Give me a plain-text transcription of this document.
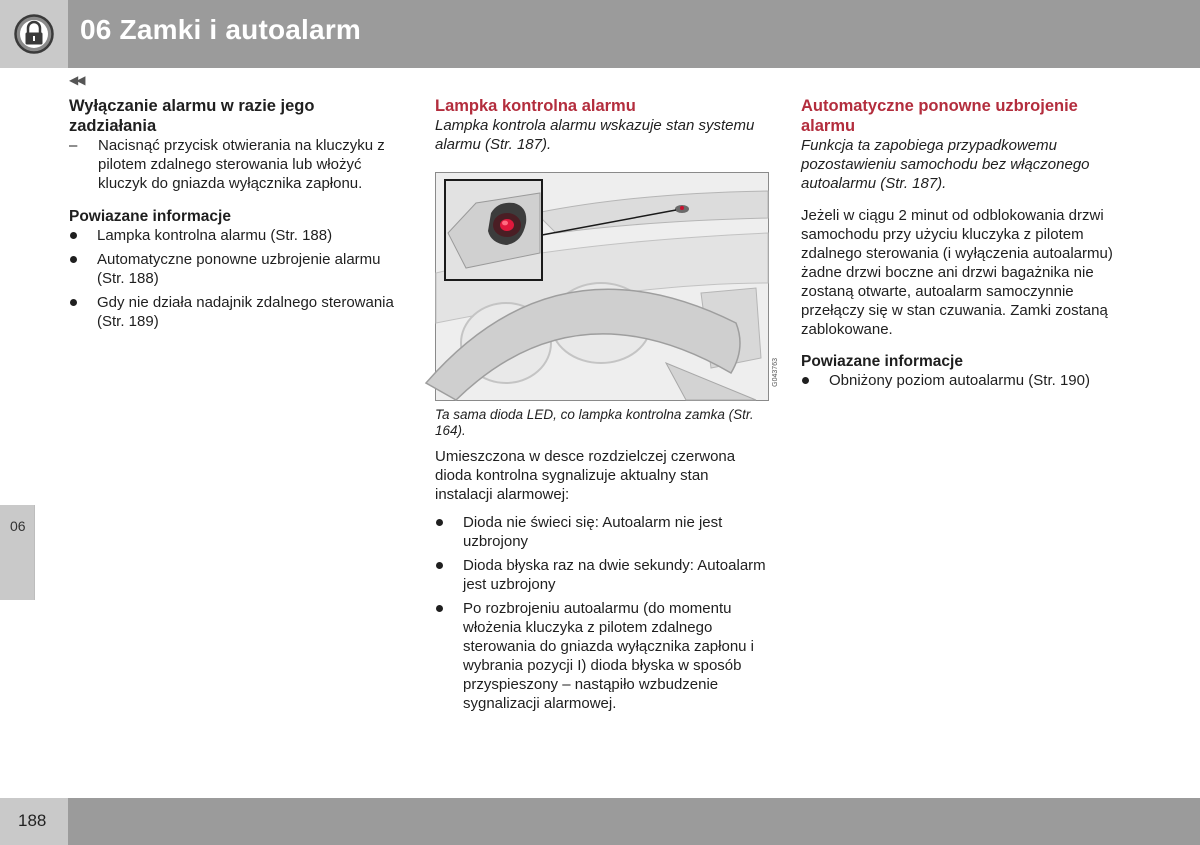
06 Zamki i autoalarm
◀◀
06
Wyłączanie alarmu w razie jego zadziałania
– Nacisnąć przycisk otwierania na kluczyku z pilotem zdalnego sterowania lub włożyć kluczyk do gniazda wyłącznika zapłonu.
Powiazane informacje
Lampka kontrolna alarmu (Str. 188)
Automatyczne ponowne uzbrojenie alarmu (Str. 188)
Gdy nie działa nadajnik zdalnego sterowania (Str. 189)
Lampka kontrolna alarmu

Lampka kontrola alarmu wskazuje stan systemu alarmu (Str. 187).

G043763

Ta sama dioda LED, co lampka kontrolna zamka (Str. 164).

Umieszczona w desce rozdzielczej czerwona dioda kontrolna sygnalizuje aktualny stan instalacji alarmowej:

Dioda nie świeci się: Autoalarm nie jest uzbrojony
Dioda błyska raz na dwie sekundy: Autoalarm jest uzbrojony
Po rozbrojeniu autoalarmu (do momentu włożenia kluczyka z pilotem zdalnego sterowania do gniazda wyłącznika zapłonu i wybrania pozycji I) dioda błyska w sposób przyspieszony – nastąpiło wzbudzenie sygnalizacji alarmowej.
Automatyczne ponowne uzbrojenie alarmu

Funkcja ta zapobiega przypadkowemu pozostawieniu samochodu bez włączonego autoalarmu (Str. 187).

Jeżeli w ciągu 2 minut od odblokowania drzwi samochodu przy użyciu kluczyka z pilotem zdalnego sterowania (i wyłączenia autoalarmu) żadne drzwi boczne ani drzwi bagażnika nie zostaną otwarte, autoalarm samoczynnie przełączy się w stan czuwania. Zamki zostaną zablokowane.

Powiazane informacje
Obniżony poziom autoalarmu (Str. 190)
188
